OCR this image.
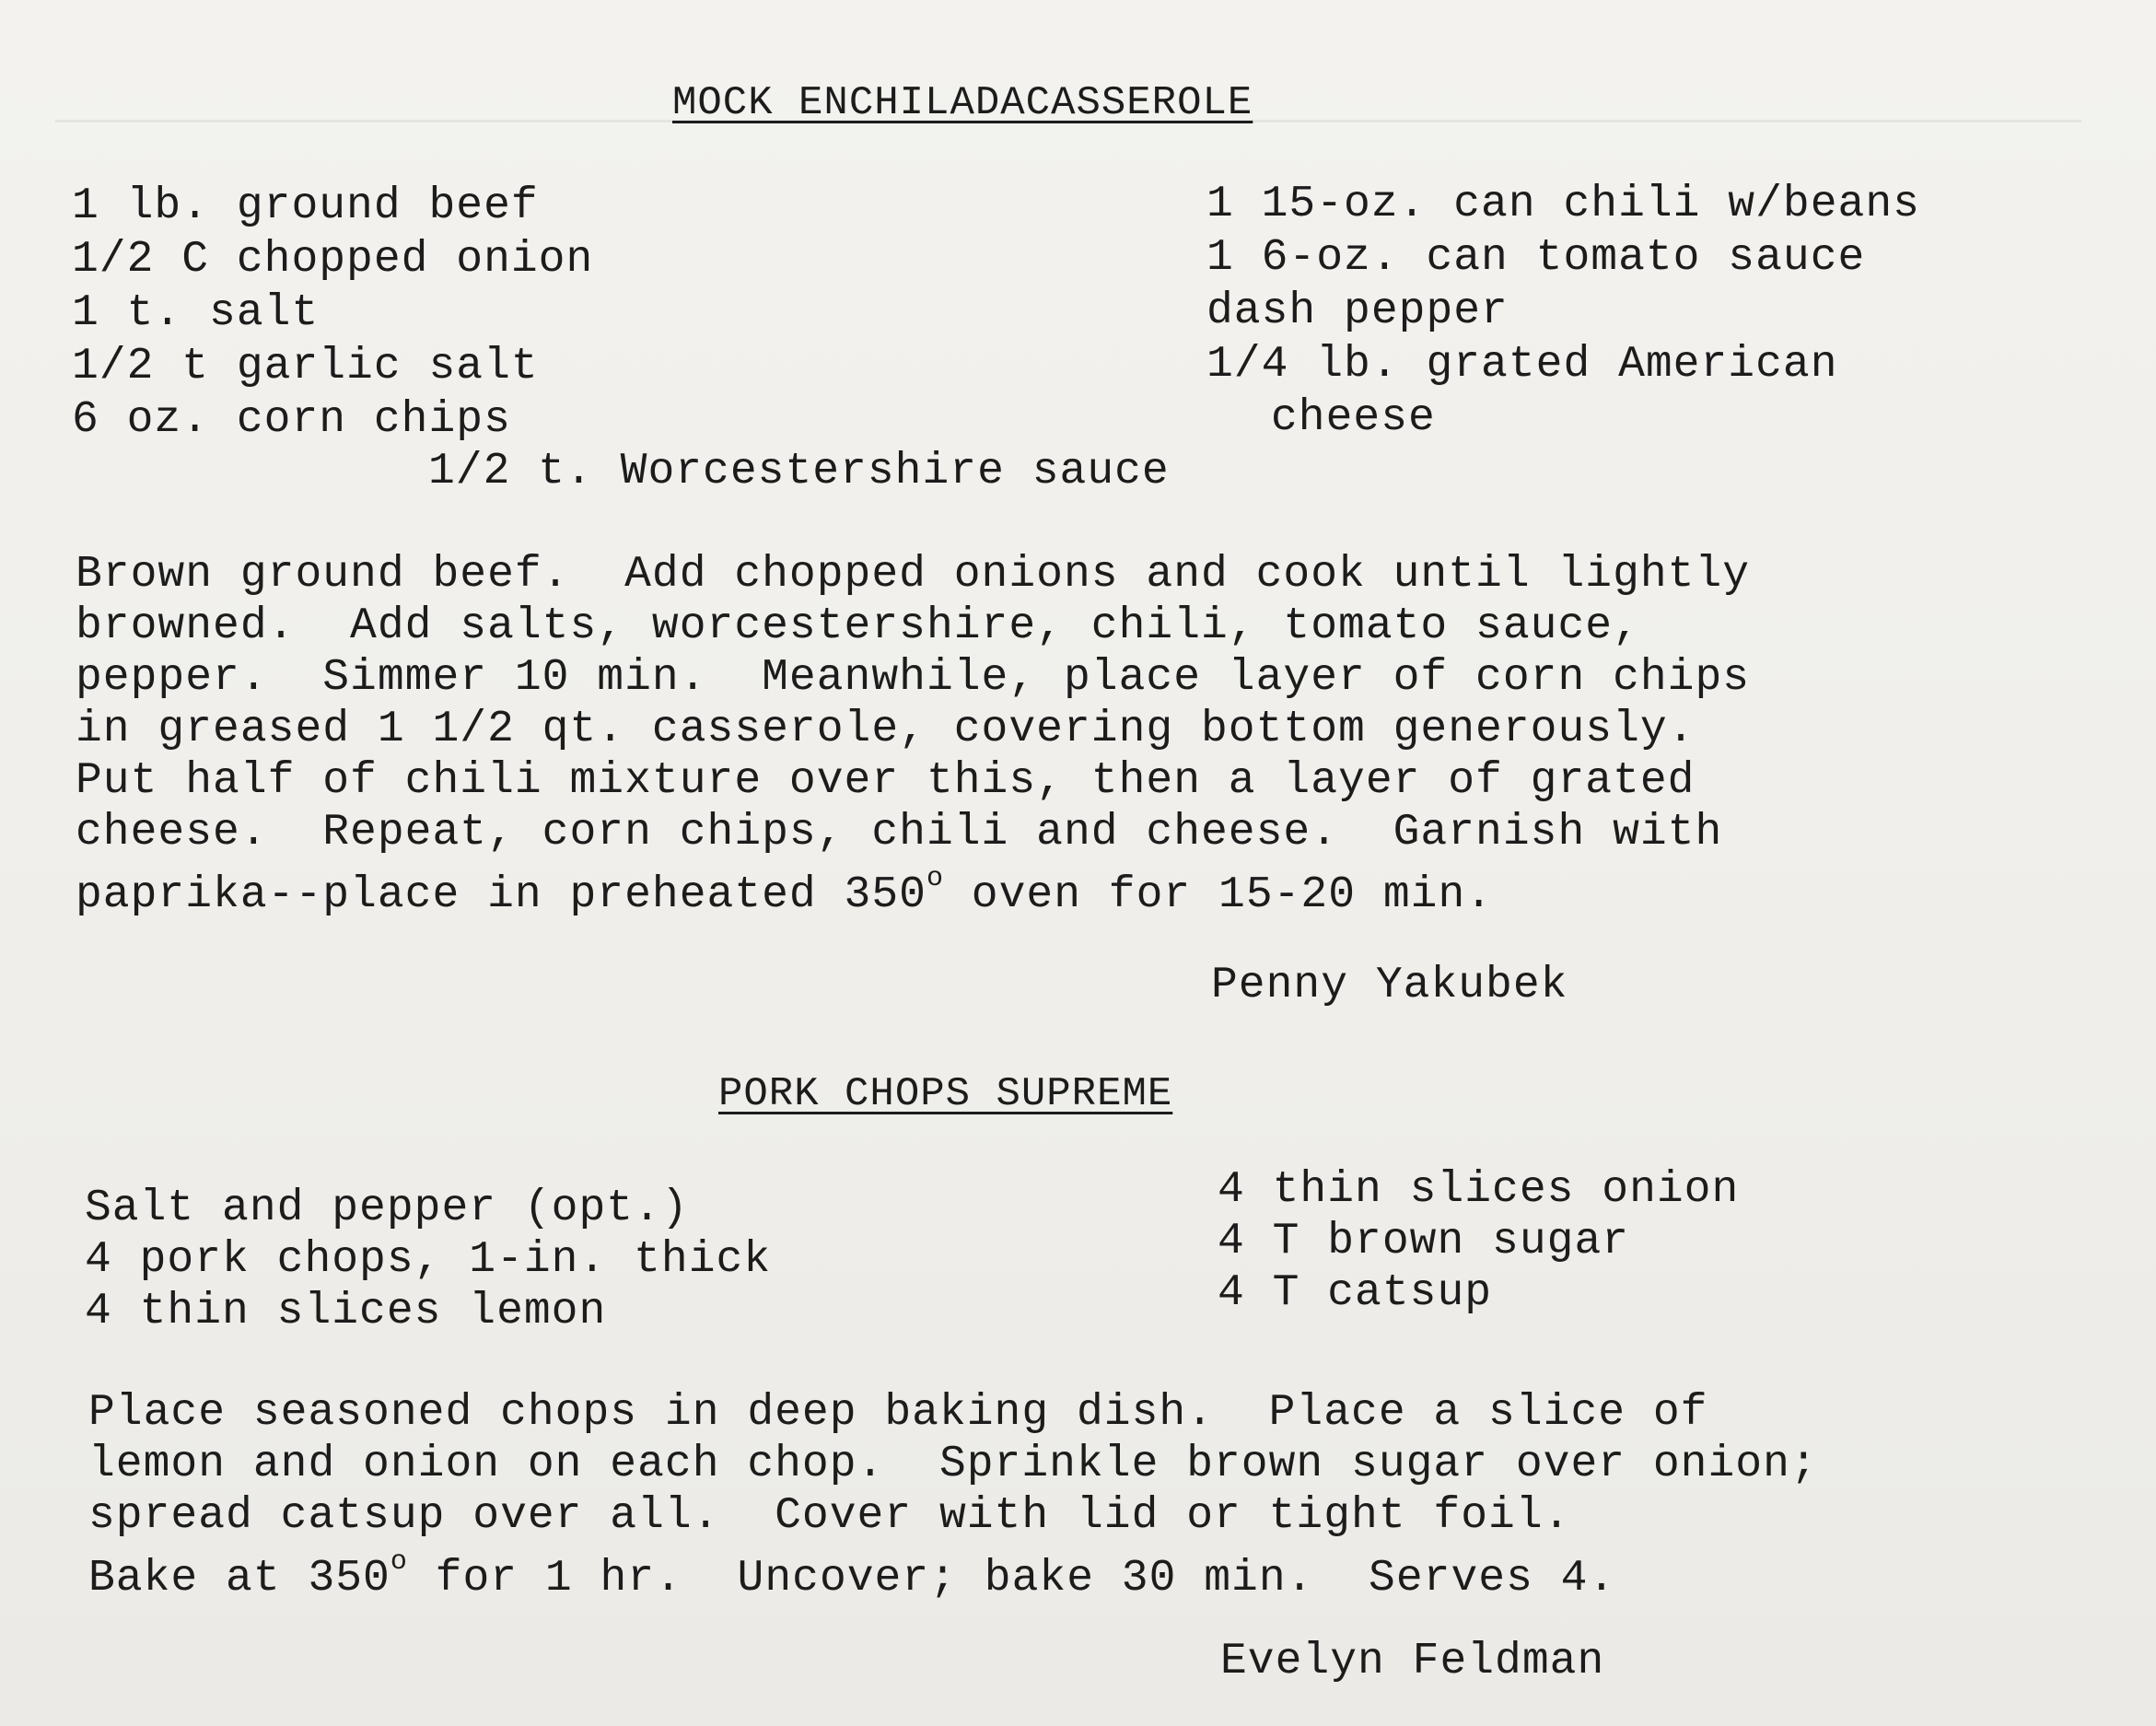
MOCK ENCHILADACASSEROLE
1 lb. ground beef
1/2 C chopped onion
1 t. salt
1/2 t garlic salt
6 oz. corn chips
1 15-oz. can chili w/beans
1 6-oz. can tomato sauce
dash pepper
1/4 lb. grated American
cheese
1/2 t. Worcestershire sauce
Brown ground beef.  Add chopped onions and cook until lightly
browned.  Add salts, worcestershire, chili, tomato sauce,
pepper.  Simmer 10 min.  Meanwhile, place layer of corn chips
in greased 1 1/2 qt. casserole, covering bottom generously.
Put half of chili mixture over this, then a layer of grated
cheese.  Repeat, corn chips, chili and cheese.  Garnish with
paprika--place in preheated 350$^o$ oven for 15-20 min.
Penny Yakubek
PORK CHOPS SUPREME
Salt and pepper (opt.)
4 pork chops, 1-in. thick
4 thin slices lemon
4 thin slices onion
4 T brown sugar
4 T catsup
Place seasoned chops in deep baking dish.  Place a slice of
lemon and onion on each chop.  Sprinkle brown sugar over onion;
spread catsup over all.  Cover with lid or tight foil.
Bake at 350$^o$ for 1 hr.  Uncover; bake 30 min.  Serves 4.
Evelyn Feldman
